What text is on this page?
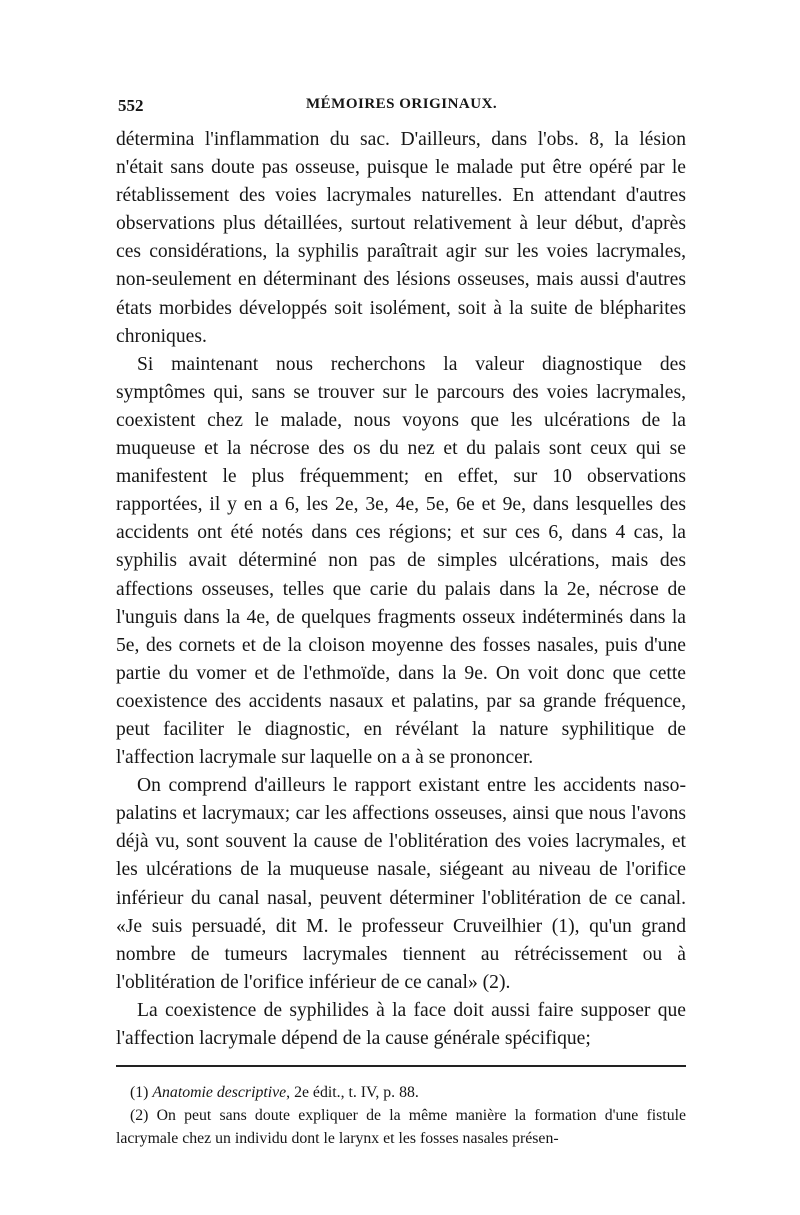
552	MÉMOIRES ORIGINAUX.

détermina l'inflammation du sac. D'ailleurs, dans l'obs. 8, la lésion n'était sans doute pas osseuse, puisque le malade put être opéré par le rétablissement des voies lacrymales naturelles. En attendant d'autres observations plus détaillées, surtout relativement à leur début, d'après ces considérations, la syphilis paraîtrait agir sur les voies lacrymales, non-seulement en déterminant des lésions osseuses, mais aussi d'autres états morbides développés soit isolément, soit à la suite de blépharites chroniques.

Si maintenant nous recherchons la valeur diagnostique des symptômes qui, sans se trouver sur le parcours des voies lacrymales, coexistent chez le malade, nous voyons que les ulcérations de la muqueuse et la nécrose des os du nez et du palais sont ceux qui se manifestent le plus fréquemment; en effet, sur 10 observations rapportées, il y en a 6, les 2e, 3e, 4e, 5e, 6e et 9e, dans lesquelles des accidents ont été notés dans ces régions; et sur ces 6, dans 4 cas, la syphilis avait déterminé non pas de simples ulcérations, mais des affections osseuses, telles que carie du palais dans la 2e, nécrose de l'unguis dans la 4e, de quelques fragments osseux indéterminés dans la 5e, des cornets et de la cloison moyenne des fosses nasales, puis d'une partie du vomer et de l'ethmoïde, dans la 9e. On voit donc que cette coexistence des accidents nasaux et palatins, par sa grande fréquence, peut faciliter le diagnostic, en révélant la nature syphilitique de l'affection lacrymale sur laquelle on a à se prononcer.

On comprend d'ailleurs le rapport existant entre les accidents naso-palatins et lacrymaux; car les affections osseuses, ainsi que nous l'avons déjà vu, sont souvent la cause de l'oblitération des voies lacrymales, et les ulcérations de la muqueuse nasale, siégeant au niveau de l'orifice inférieur du canal nasal, peuvent déterminer l'oblitération de ce canal. «Je suis persuadé, dit M. le professeur Cruveilhier (1), qu'un grand nombre de tumeurs lacrymales tiennent au rétrécissement ou à l'oblitération de l'orifice inférieur de ce canal» (2).

La coexistence de syphilides à la face doit aussi faire supposer que l'affection lacrymale dépend de la cause générale spécifique;

(1) Anatomie descriptive, 2e édit., t. IV, p. 88.

(2) On peut sans doute expliquer de la même manière la formation d'une fistule lacrymale chez un individu dont le larynx et les fosses nasales présen-
